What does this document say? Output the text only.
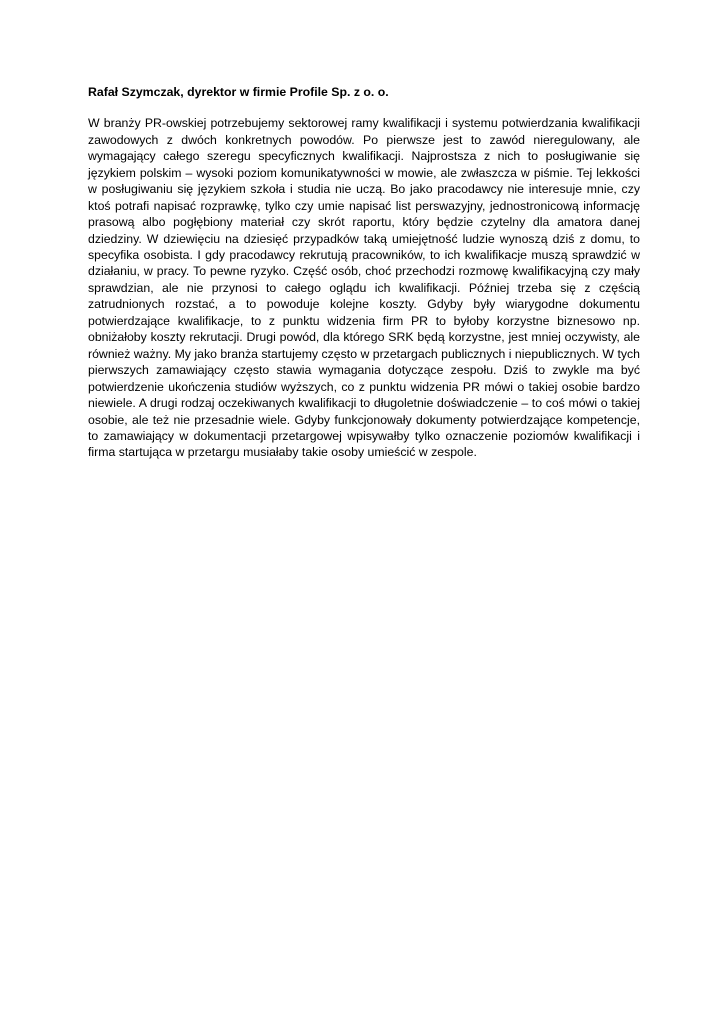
Rafał Szymczak, dyrektor w firmie Profile Sp. z o. o.

W branży PR-owskiej potrzebujemy sektorowej ramy kwalifikacji i systemu potwierdzania kwalifikacji zawodowych z dwóch konkretnych powodów. Po pierwsze jest to zawód nieregulowany, ale wymagający całego szeregu specyficznych kwalifikacji. Najprostsza z nich to posługiwanie się językiem polskim – wysoki poziom komunikatywności w mowie, ale zwłaszcza w piśmie. Tej lekkości w posługiwaniu się językiem szkoła i studia nie uczą. Bo jako pracodawcy nie interesuje mnie, czy ktoś potrafi napisać rozprawkę, tylko czy umie napisać list perswazyjny, jednostronicową informację prasową albo pogłębiony materiał czy skrót raportu, który będzie czytelny dla amatora danej dziedziny. W dziewięciu na dziesięć przypadków taką umiejętność ludzie wynoszą dziś z domu, to specyfika osobista. I gdy pracodawcy rekrutują pracowników, to ich kwalifikacje muszą sprawdzić w działaniu, w pracy. To pewne ryzyko. Część osób, choć przechodzi rozmowę kwalifikacyjną czy mały sprawdzian, ale nie przynosi to całego oglądu ich kwalifikacji. Później trzeba się z częścią zatrudnionych rozstać, a to powoduje kolejne koszty. Gdyby były wiarygodne dokumentu potwierdzające kwalifikacje, to z punktu widzenia firm PR to byłoby korzystne biznesowo np. obniżałoby koszty rekrutacji. Drugi powód, dla którego SRK będą korzystne, jest mniej oczywisty, ale również ważny. My jako branża startujemy często w przetargach publicznych i niepublicznych. W tych pierwszych zamawiający często stawia wymagania dotyczące zespołu. Dziś to zwykle ma być potwierdzenie ukończenia studiów wyższych, co z punktu widzenia PR mówi o takiej osobie bardzo niewiele. A drugi rodzaj oczekiwanych kwalifikacji to długoletnie doświadczenie – to coś mówi o takiej osobie, ale też nie przesadnie wiele. Gdyby funkcjonowały dokumenty potwierdzające kompetencje, to zamawiający w dokumentacji przetargowej wpisywałby tylko oznaczenie poziomów kwalifikacji i firma startująca w przetargu musiałaby takie osoby umieścić w zespole.
